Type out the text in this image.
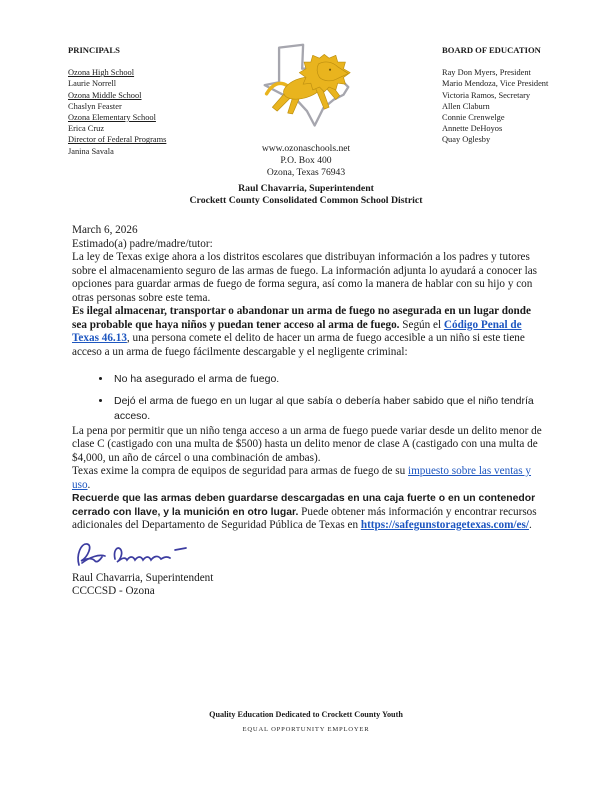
PRINCIPALS
Ozona High School
Laurie Norrell
Ozona Middle School
Chaslyn Feaster
Ozona Elementary School
Erica Cruz
Director of Federal Programs
Janina Savala
BOARD OF EDUCATION
Ray Don Myers, President
Mario Mendoza, Vice President
Victoria Ramos, Secretary
Allen Claburn
Connie Crenwelge
Annette DeHoyos
Quay Oglesby
www.ozonaschools.net
P.O. Box 400
Ozona, Texas 76943
Raul Chavarria, Superintendent
Crockett County Consolidated Common School District

March 6, 2026

Estimado(a) padre/madre/tutor:

La ley de Texas exige ahora a los distritos escolares que distribuyan información a los padres y tutores sobre el almacenamiento seguro de las armas de fuego. La información adjunta lo ayudará a conocer las opciones para guardar armas de fuego de forma segura, así como la manera de hablar con su hijo y con otras personas sobre este tema.

Es ilegal almacenar, transportar o abandonar un arma de fuego no asegurada en un lugar donde sea probable que haya niños y puedan tener acceso al arma de fuego. Según el Código Penal de Texas 46.13, una persona comete el delito de hacer un arma de fuego accesible a un niño si este tiene acceso a un arma de fuego fácilmente descargable y el negligente criminal:

• No ha asegurado el arma de fuego.
• Dejó el arma de fuego en un lugar al que sabía o debería haber sabido que el niño tendría acceso.

La pena por permitir que un niño tenga acceso a un arma de fuego puede variar desde un delito menor de clase C (castigado con una multa de $500) hasta un delito menor de clase A (castigado con una multa de $4,000, un año de cárcel o una combinación de ambas).

Texas exime la compra de equipos de seguridad para armas de fuego de su impuesto sobre las ventas y uso.

Recuerde que las armas deben guardarse descargadas en una caja fuerte o en un contenedor cerrado con llave, y la munición en otro lugar. Puede obtener más información y encontrar recursos adicionales del Departamento de Seguridad Pública de Texas en https://safegunstoragetexas.com/es/.

Raul Chavarria, Superintendent
CCCCSD - Ozona
Quality Education Dedicated to Crockett County Youth
EQUAL OPPORTUNITY EMPLOYER
